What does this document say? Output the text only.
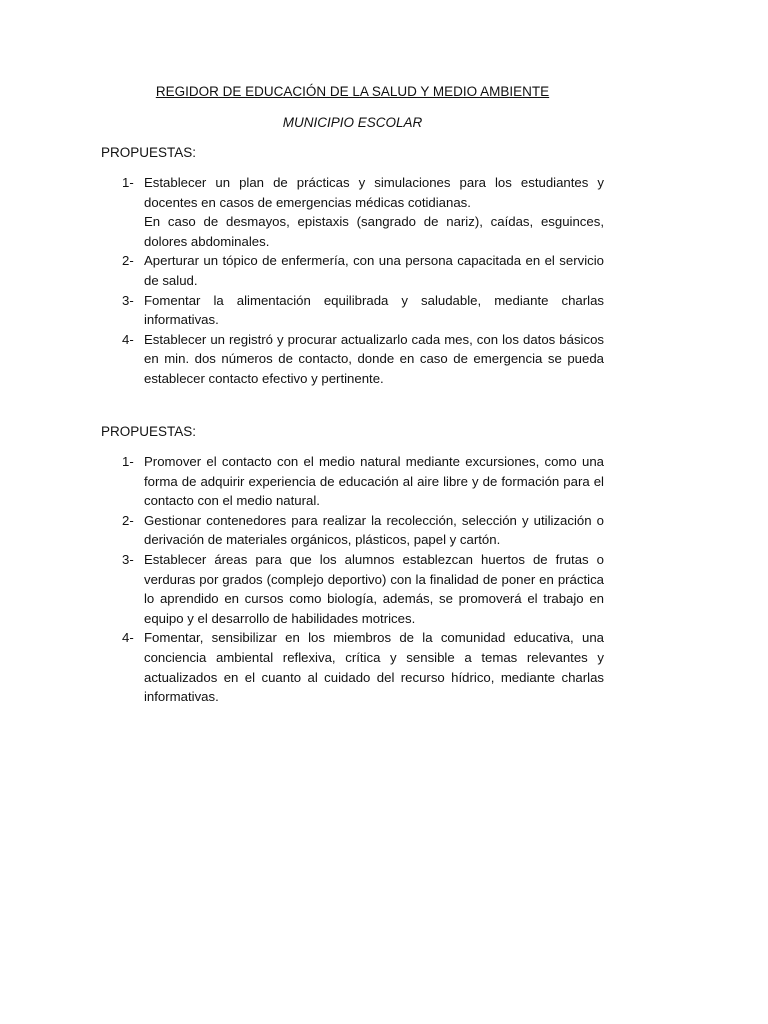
REGIDOR DE EDUCACIÓN DE LA SALUD Y MEDIO AMBIENTE
MUNICIPIO ESCOLAR
PROPUESTAS:
1- Establecer un plan de prácticas y simulaciones para los estudiantes y docentes en casos de emergencias médicas cotidianas.
En caso de desmayos, epistaxis (sangrado de nariz), caídas, esguinces, dolores abdominales.
2- Aperturar un tópico de enfermería, con una persona capacitada en el servicio de salud.
3- Fomentar la alimentación equilibrada y saludable, mediante charlas informativas.
4- Establecer un registró y procurar actualizarlo cada mes, con los datos básicos en min. dos números de contacto, donde en caso de emergencia se pueda establecer contacto efectivo y pertinente.
PROPUESTAS:
1- Promover el contacto con el medio natural mediante excursiones, como una forma de adquirir experiencia de educación al aire libre y de formación para el contacto con el medio natural.
2- Gestionar contenedores para realizar la recolección, selección y utilización o derivación de materiales orgánicos, plásticos, papel y cartón.
3- Establecer áreas para que los alumnos establezcan huertos de frutas o verduras por grados (complejo deportivo) con la finalidad de poner en práctica lo aprendido en cursos como biología, además, se promoverá el trabajo en equipo y el desarrollo de habilidades motrices.
4- Fomentar, sensibilizar en los miembros de la comunidad educativa, una conciencia ambiental reflexiva, crítica y sensible a temas relevantes y actualizados en el cuanto al cuidado del recurso hídrico, mediante charlas informativas.
